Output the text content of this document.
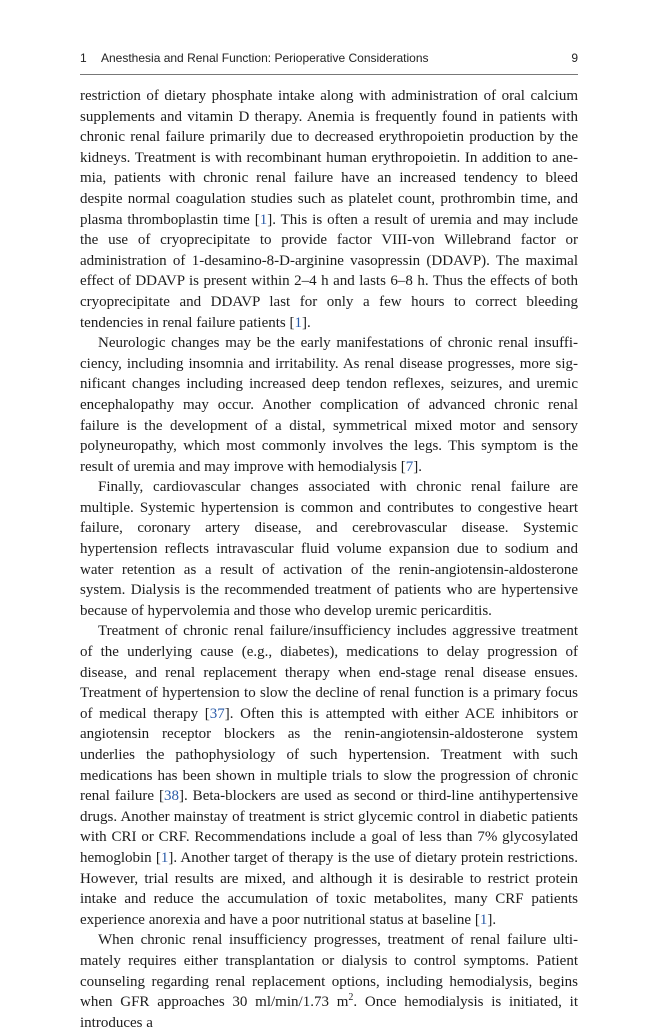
1 Anesthesia and Renal Function: Perioperative Considerations	9

restriction of dietary phosphate intake along with administration of oral calcium supplements and vitamin D therapy. Anemia is frequently found in patients with chronic renal failure primarily due to decreased erythropoietin production by the kidneys. Treatment is with recombinant human erythropoietin. In addition to anemia, patients with chronic renal failure have an increased tendency to bleed despite normal coagulation studies such as platelet count, prothrombin time, and plasma thromboplastin time [1]. This is often a result of uremia and may include the use of cryoprecipitate to provide factor VIII-von Willebrand factor or administration of 1-desamino-8-D-arginine vasopressin (DDAVP). The maximal effect of DDAVP is present within 2–4 h and lasts 6–8 h. Thus the effects of both cryoprecipitate and DDAVP last for only a few hours to correct bleeding tendencies in renal failure patients [1].

Neurologic changes may be the early manifestations of chronic renal insufficiency, including insomnia and irritability. As renal disease progresses, more significant changes including increased deep tendon reflexes, seizures, and uremic encephalopathy may occur. Another complication of advanced chronic renal failure is the development of a distal, symmetrical mixed motor and sensory polyneuropathy, which most commonly involves the legs. This symptom is the result of uremia and may improve with hemodialysis [7].

Finally, cardiovascular changes associated with chronic renal failure are multiple. Systemic hypertension is common and contributes to congestive heart failure, coronary artery disease, and cerebrovascular disease. Systemic hypertension reflects intravascular fluid volume expansion due to sodium and water retention as a result of activation of the renin-angiotensin-aldosterone system. Dialysis is the recommended treatment of patients who are hypertensive because of hypervolemia and those who develop uremic pericarditis.

Treatment of chronic renal failure/insufficiency includes aggressive treatment of the underlying cause (e.g., diabetes), medications to delay progression of disease, and renal replacement therapy when end-stage renal disease ensues. Treatment of hypertension to slow the decline of renal function is a primary focus of medical therapy [37]. Often this is attempted with either ACE inhibitors or angiotensin receptor blockers as the renin-angiotensin-aldosterone system underlies the pathophysiology of such hypertension. Treatment with such medications has been shown in multiple trials to slow the progression of chronic renal failure [38]. Beta-blockers are used as second or third-line antihypertensive drugs. Another mainstay of treatment is strict glycemic control in diabetic patients with CRI or CRF. Recommendations include a goal of less than 7% glycosylated hemoglobin [1]. Another target of therapy is the use of dietary protein restrictions. However, trial results are mixed, and although it is desirable to restrict protein intake and reduce the accumulation of toxic metabolites, many CRF patients experience anorexia and have a poor nutritional status at baseline [1].

When chronic renal insufficiency progresses, treatment of renal failure ultimately requires either transplantation or dialysis to control symptoms. Patient counseling regarding renal replacement options, including hemodialysis, begins when GFR approaches 30 ml/min/1.73 $m^2$. Once hemodialysis is initiated, it introduces a
